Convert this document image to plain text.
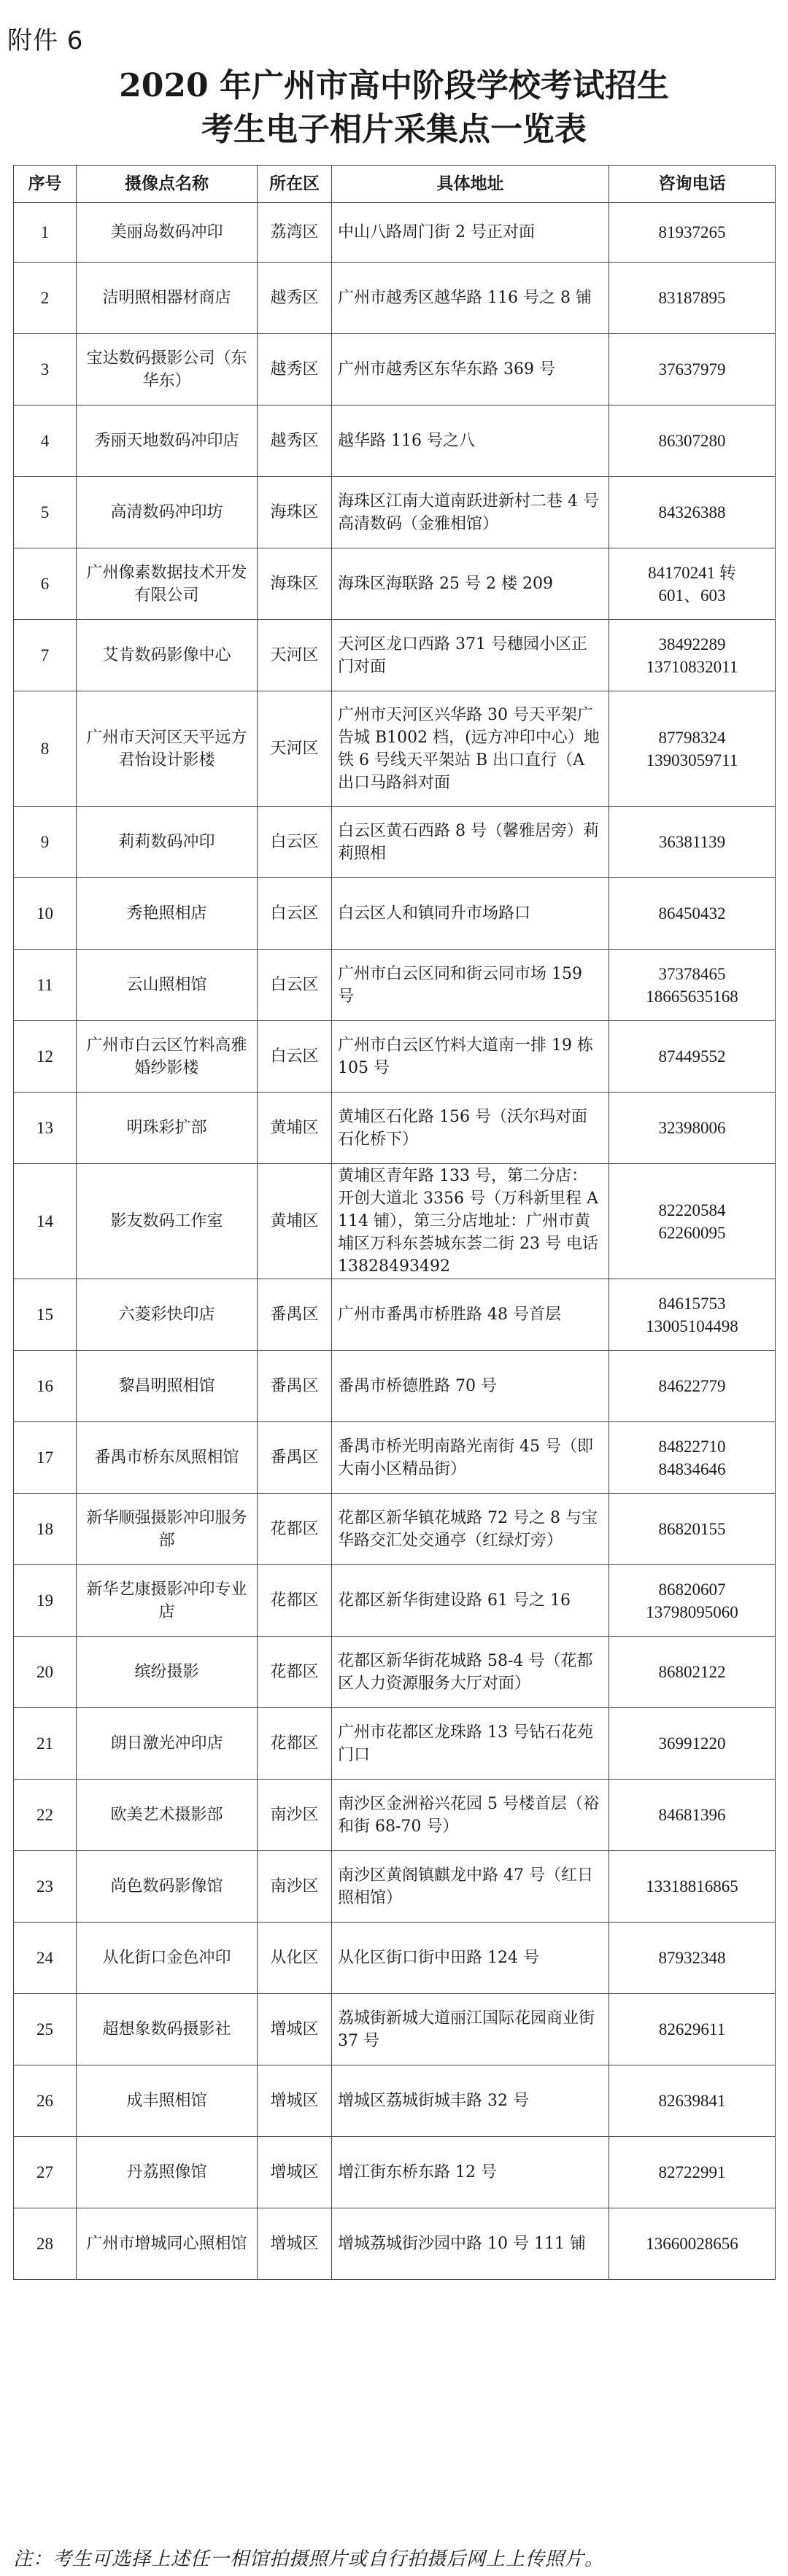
附件 6
2020 年广州市高中阶段学校考试招生
考生电子相片采集点一览表
序号	摄像点名称	所在区	具体地址	咨询电话
1	美丽岛数码冲印	荔湾区	中山八路周门街 2 号正对面	81937265

2	洁明照相器材商店	越秀区	广州市越秀区越华路 116 号之 8 铺	83187895

3	宝达数码摄影公司（东华东）	越秀区	广州市越秀区东华东路 369 号	37637979

4	秀丽天地数码冲印店	越秀区	越华路 116 号之八	86307280

5	高清数码冲印坊	海珠区	海珠区江南大道南跃进新村二巷 4 号 高清数码（金雅相馆）	84326388

6	广州像素数据技术开发有限公司	海珠区	海珠区海联路 25 号 2 楼 209	84170241 转
601、603

7	艾肯数码影像中心	天河区	天河区龙口西路 371 号穗园小区正门对面	38492289
13710832011

8	广州市天河区天平远方君怡设计影楼	天河区	广州市天河区兴华路 30 号天平架广告城 B1002 档，(远方冲印中心）地铁 6 号线天平架站 B 出口直行（A 出口马路斜对面	87798324
13903059711

9	莉莉数码冲印	白云区	白云区黄石西路 8 号（馨雅居旁）莉莉照相	36381139

10	秀艳照相店	白云区	白云区人和镇同升市场路口	86450432

11	云山照相馆	白云区	广州市白云区同和街云同市场 159 号	37378465
18665635168

12	广州市白云区竹料高雅婚纱影楼	白云区	广州市白云区竹料大道南一排 19 栋 105 号	87449552

13	明珠彩扩部	黄埔区	黄埔区石化路 156 号（沃尔玛对面石化桥下）	32398006

14	影友数码工作室	黄埔区	黄埔区青年路 133 号，第二分店：开创大道北 3356 号（万科新里程 A114 铺），第三分店地址：广州市黄埔区万科东荟城东荟二街 23 号 电话 13828493492	82220584
62260095

15	六菱彩快印店	番禺区	广州市番禺市桥胜路 48 号首层	84615753
13005104498

16	黎昌明照相馆	番禺区	番禺市桥德胜路 70 号	84622779

17	番禺市桥东凤照相馆	番禺区	番禺市桥光明南路光南街 45 号（即大南小区精品街）	84822710
84834646

18	新华顺强摄影冲印服务部	花都区	花都区新华镇花城路 72 号之 8 与宝华路交汇处交通亭（红绿灯旁）	86820155

19	新华艺康摄影冲印专业店	花都区	花都区新华街建设路 61 号之 16	86820607
13798095060

20	缤纷摄影	花都区	花都区新华街花城路 58-4 号（花都区人力资源服务大厅对面）	86802122

21	朗日激光冲印店	花都区	广州市花都区龙珠路 13 号钻石花苑门口	36991220

22	欧美艺术摄影部	南沙区	南沙区金洲裕兴花园 5 号楼首层（裕和街 68-70 号）	84681396

23	尚色数码影像馆	南沙区	南沙区黄阁镇麒龙中路 47 号（红日照相馆）	13318816865

24	从化街口金色冲印	从化区	从化区街口街中田路 124 号	87932348

25	超想象数码摄影社	增城区	荔城街新城大道丽江国际花园商业街 37 号	82629611

26	成丰照相馆	增城区	增城区荔城街城丰路 32 号	82639841

27	丹荔照像馆	增城区	增江街东桥东路 12 号	82722991

28	广州市增城同心照相馆	增城区	增城荔城街沙园中路 10 号 111 铺	13660028656
注：考生可选择上述任一相馆拍摄照片或自行拍摄后网上上传照片。
